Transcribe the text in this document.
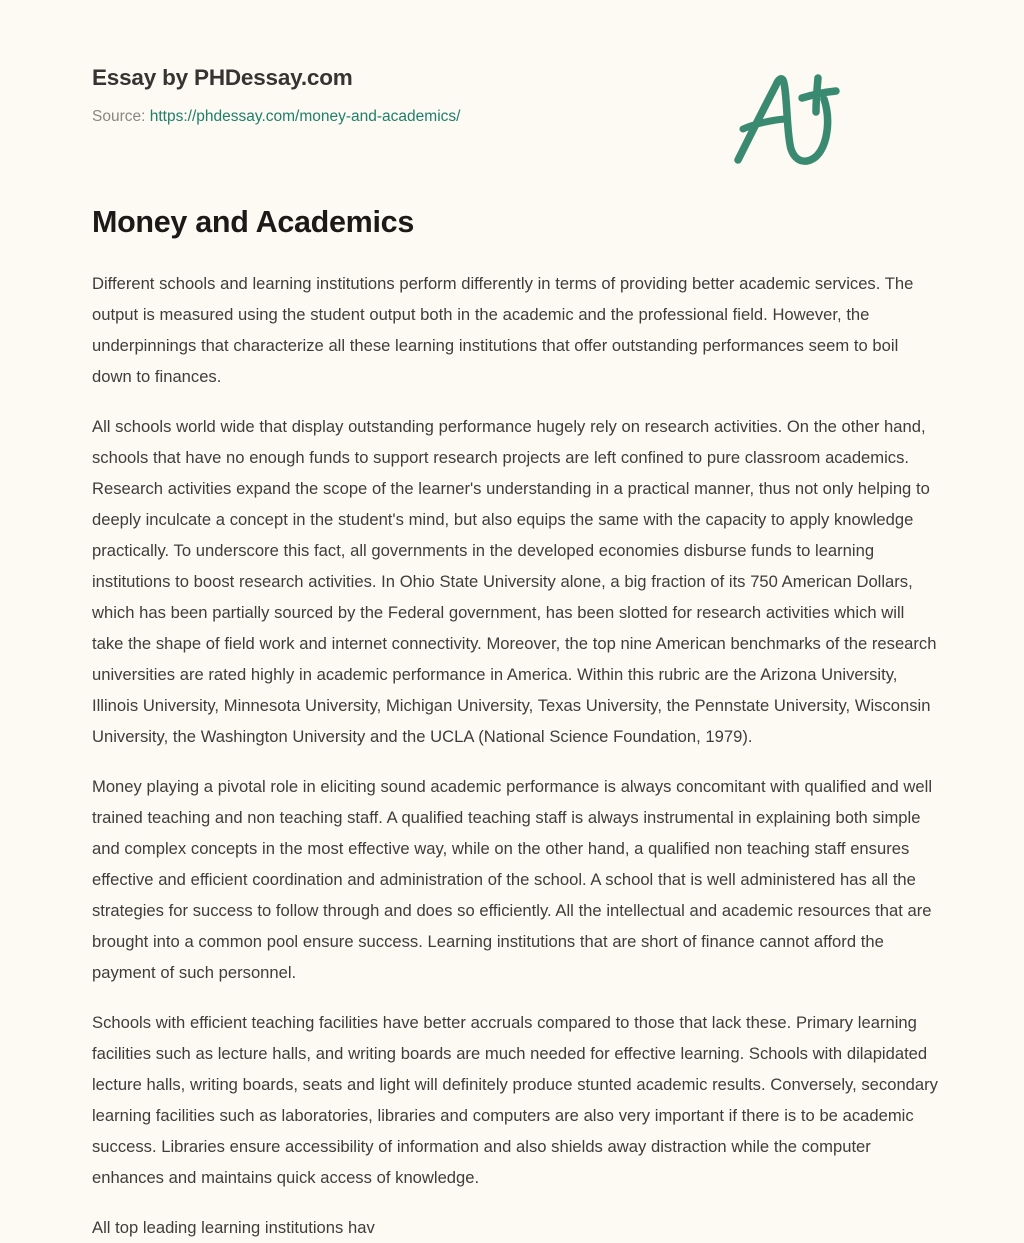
Essay by PHDessay.com
Source: https://phdessay.com/money-and-academics/
Money and Academics

Different schools and learning institutions perform differently in terms of providing better academic services. The output is measured using the student output both in the academic and the professional field. However, the underpinnings that characterize all these learning institutions that offer outstanding performances seem to boil down to finances.

All schools world wide that display outstanding performance hugely rely on research activities. On the other hand, schools that have no enough funds to support research projects are left confined to pure classroom academics. Research activities expand the scope of the learner's understanding in a practical manner, thus not only helping to deeply inculcate a concept in the student's mind, but also equips the same with the capacity to apply knowledge practically. To underscore this fact, all governments in the developed economies disburse funds to learning institutions to boost research activities. In Ohio State University alone, a big fraction of its 750 American Dollars, which has been partially sourced by the Federal government, has been slotted for research activities which will take the shape of field work and internet connectivity. Moreover, the top nine American benchmarks of the research universities are rated highly in academic performance in America. Within this rubric are the Arizona University, Illinois University, Minnesota University, Michigan University, Texas University, the Pennstate University, Wisconsin University, the Washington University and the UCLA (National Science Foundation, 1979).

Money playing a pivotal role in eliciting sound academic performance is always concomitant with qualified and well trained teaching and non teaching staff. A qualified teaching staff is always instrumental in explaining both simple and complex concepts in the most effective way, while on the other hand, a qualified non teaching staff ensures effective and efficient coordination and administration of the school. A school that is well administered has all the strategies for success to follow through and does so efficiently. All the intellectual and academic resources that are brought into a common pool ensure success. Learning institutions that are short of finance cannot afford the payment of such personnel.

Schools with efficient teaching facilities have better accruals compared to those that lack these. Primary learning facilities such as lecture halls, and writing boards are much needed for effective learning. Schools with dilapidated lecture halls, writing boards, seats and light will definitely produce stunted academic results. Conversely, secondary learning facilities such as laboratories, libraries and computers are also very important if there is to be academic success. Libraries ensure accessibility of information and also shields away distraction while the computer enhances and maintains quick access of knowledge.

All top leading learning institutions hav
